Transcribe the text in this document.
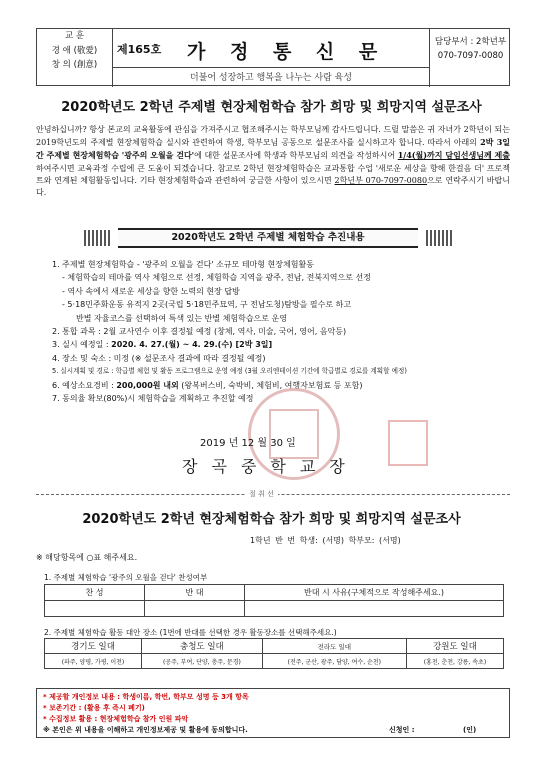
교 훈
경 애 (敬愛)
창 의 (創意)
제165호 가 정 통 신 문	담당부서 : 2학년부
070-7097-0080
더불어 성장하고 행복을 나누는 사람 육성
2020학년도 2학년 주제별 현장체험학습 참가 희망 및 희망지역 설문조사
안녕하십니까? 항상 본교의 교육활동에 관심을 가져주시고 협조해주시는 학부모님께 감사드립니다. 드릴 말씀은 귀 자녀가 2학년이 되는 2019학년도의 주제별 현장체험학습 실시와 관련하여 학생, 학부모님 공동으로 설문조사를 실시하고자 합니다. 따라서 아래의 2박 3일간 주제별 현장체험학습 '광주의 오월을 걷다'에 대한 설문조사에 학생과 학부모님의 의견을 작성하시어 1/4(월)까지 담임선생님께 제출하여주시면 교육과정 수립에 큰 도움이 되겠습니다. 참고로 2학년 현장체험학습은 교과통합 수업 '새로운 세상을 향해 한걸음 더' 프로젝트와 연계된 체험활동입니다. 기타 현장체험학습과 관련하여 궁금한 사항이 있으시면 2학년부 070-7097-0080으로 연락주시기 바랍니다.
2020학년도 2학년 주제별 체험학습 추진내용
1. 주제별 현장체험학습 - '광주의 오월을 걷다' 소규모 테마형 현장체험활동
- 체험학습의 테마를 역사 체험으로 선정, 체험학습 지역을 광주, 전남, 전북지역으로 선정
- 역사 속에서 새로운 세상을 향한 노력의 현장 답방
- 5·18민주화운동 유적지 2곳(국립 5·18민주묘역, 구 전남도청)탐방을 필수로 하고
반별 자율코스를 선택하여 특색 있는 반별 체험학습으로 운영
2. 통합 과목 : 2월 교사연수 이후 결정될 예정 (창체, 역사, 미술, 국어, 영어, 음악등)
3. 실시 예정일 : 2020. 4. 27.(월) ~ 4. 29.(수) [2박 3일]
4. 장소 및 숙소 : 미정 (※ 설문조사 결과에 따라 결정될 예정)
5. 실시계획 및 경로 : 학급별 체험 및 활동 프로그램으로 운영 예정 (3월 오리엔테이션 기간에 학급별로 경로를 계획할 예정)
6. 예상소요경비 : 200,000원 내외 (왕복버스비, 숙박비, 체험비, 여행자보험료 등 포함)
7. 동의율 확보(80%)시 체험학습을 계획하고 추진할 예정
2019 년 12 월 30 일
장곡중학교장
절 취 선
2020학년도 2학년 현장체험학습 참가 희망 및 희망지역 설문조사
1학년 반 번 학생: (서명) 학부모: (서명)
※ 해당항목에 ○표 해주세요.
1. 주제별 체험학습 '광주의 오월을 걷다' 찬성여부
찬 성	반 대	반대 시 사유(구체적으로 작성해주세요.)

2. 주제별 체험학습 활동 대안 장소 (1번에 반대를 선택한 경우 활동장소를 선택해주세요.)
경기도 일대	충청도 일대	전라도 일대	강원도 일대
(파주, 양평, 가평, 이천)	(공주, 부여, 단양, 충주, 문경)	(전주, 군산, 광주, 담양, 여수, 순천)	(홍천, 춘천, 강릉, 속초)
* 제공할 개인정보 내용 : 학생이름, 학번, 학부모 성명 등 3개 항목
* 보존기간 : (활용 후 즉시 폐기)
* 수집정보 활용 : 현장체험학습 참가 인원 파악
※ 본인은 위 내용을 이해하고 개인정보제공 및 활용에 동의합니다.	신청인 :	(인)
